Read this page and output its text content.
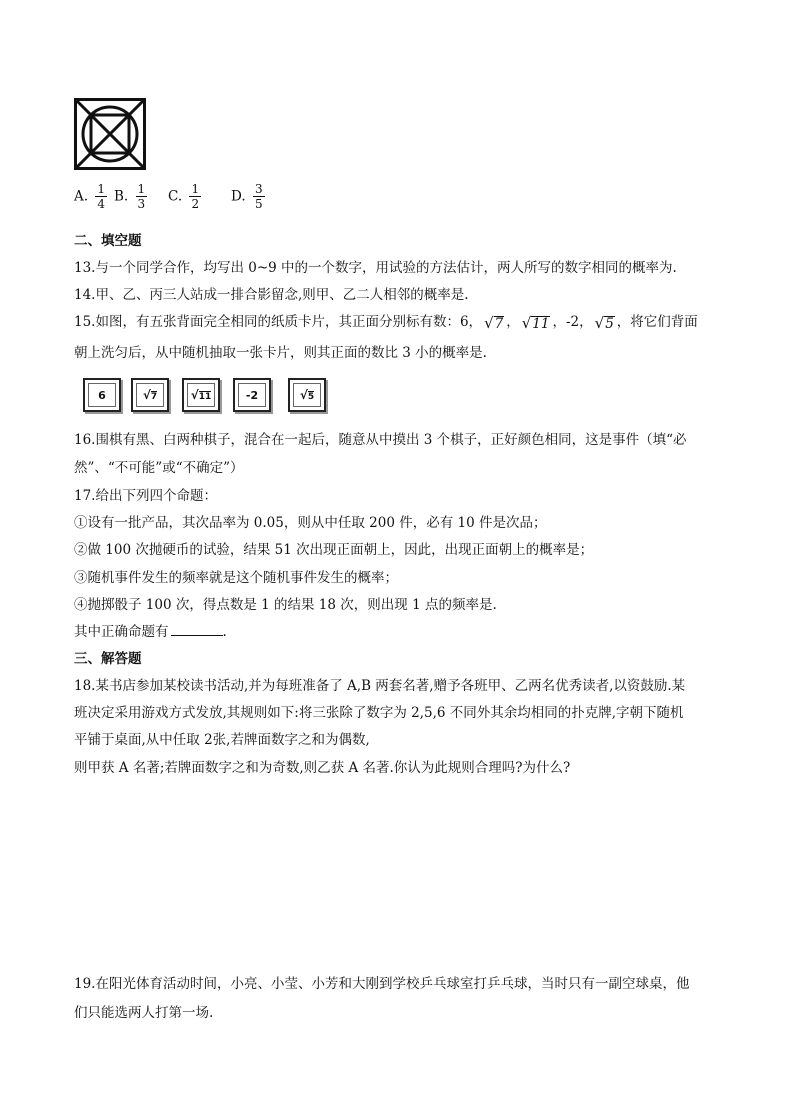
A. $\frac{1}{4} B$. $\frac{1}{3} C$. $\frac{1}{2} D$. $\frac{3}{5}$
二、填空题
13.与一个同学合作，均写出 0~9 中的一个数字，用试验的方法估计，两人所写的数字相同的概率为.
14.甲、乙、丙三人站成一排合影留念,则甲、乙二人相邻的概率是.
15.如图，有五张背面完全相同的纸质卡片，其正面分别标有数：6， √ 7 ， √ 11 ，-2， √ 5 ，将它们背面
朝上洗匀后，从中随机抽取一张卡片，则其正面的数比 3 小的概率是.
6	√ 7	√ 11	-2	√ 5
16.围棋有黑、白两种棋子，混合在一起后，随意从中摸出 3 个棋子，正好颜色相同，这是事件（填“必
然”、“不可能”或“不确定”）
17.给出下列四个命题：
①设有一批产品，其次品率为 0.05，则从中任取 200 件，必有 10 件是次品；
②做 100 次抛硬币的试验，结果 51 次出现正面朝上，因此，出现正面朝上的概率是；
③随机事件发生的频率就是这个随机事件发生的概率；
④抛掷骰子 100 次，得点数是 1 的结果 18 次，则出现 1 点的频率是.
其中正确命题有	.
三、解答题
18.某书店参加某校读书活动,并为每班准备了 A,B 两套名著,赠予各班甲、乙两名优秀读者,以资鼓励.某
班决定采用游戏方式发放,其规则如下:将三张除了数字为 2,5,6 不同外其余均相同的扑克牌,字朝下随机
平铺于桌面,从中任取 2张,若牌面数字之和为偶数,
则甲获 A 名著;若牌面数字之和为奇数,则乙获 A 名著.你认为此规则合理吗?为什么?
19.在阳光体育活动时间，小亮、小莹、小芳和大刚到学校乒乓球室打乒乓球，当时只有一副空球桌，他
们只能选两人打第一场.
